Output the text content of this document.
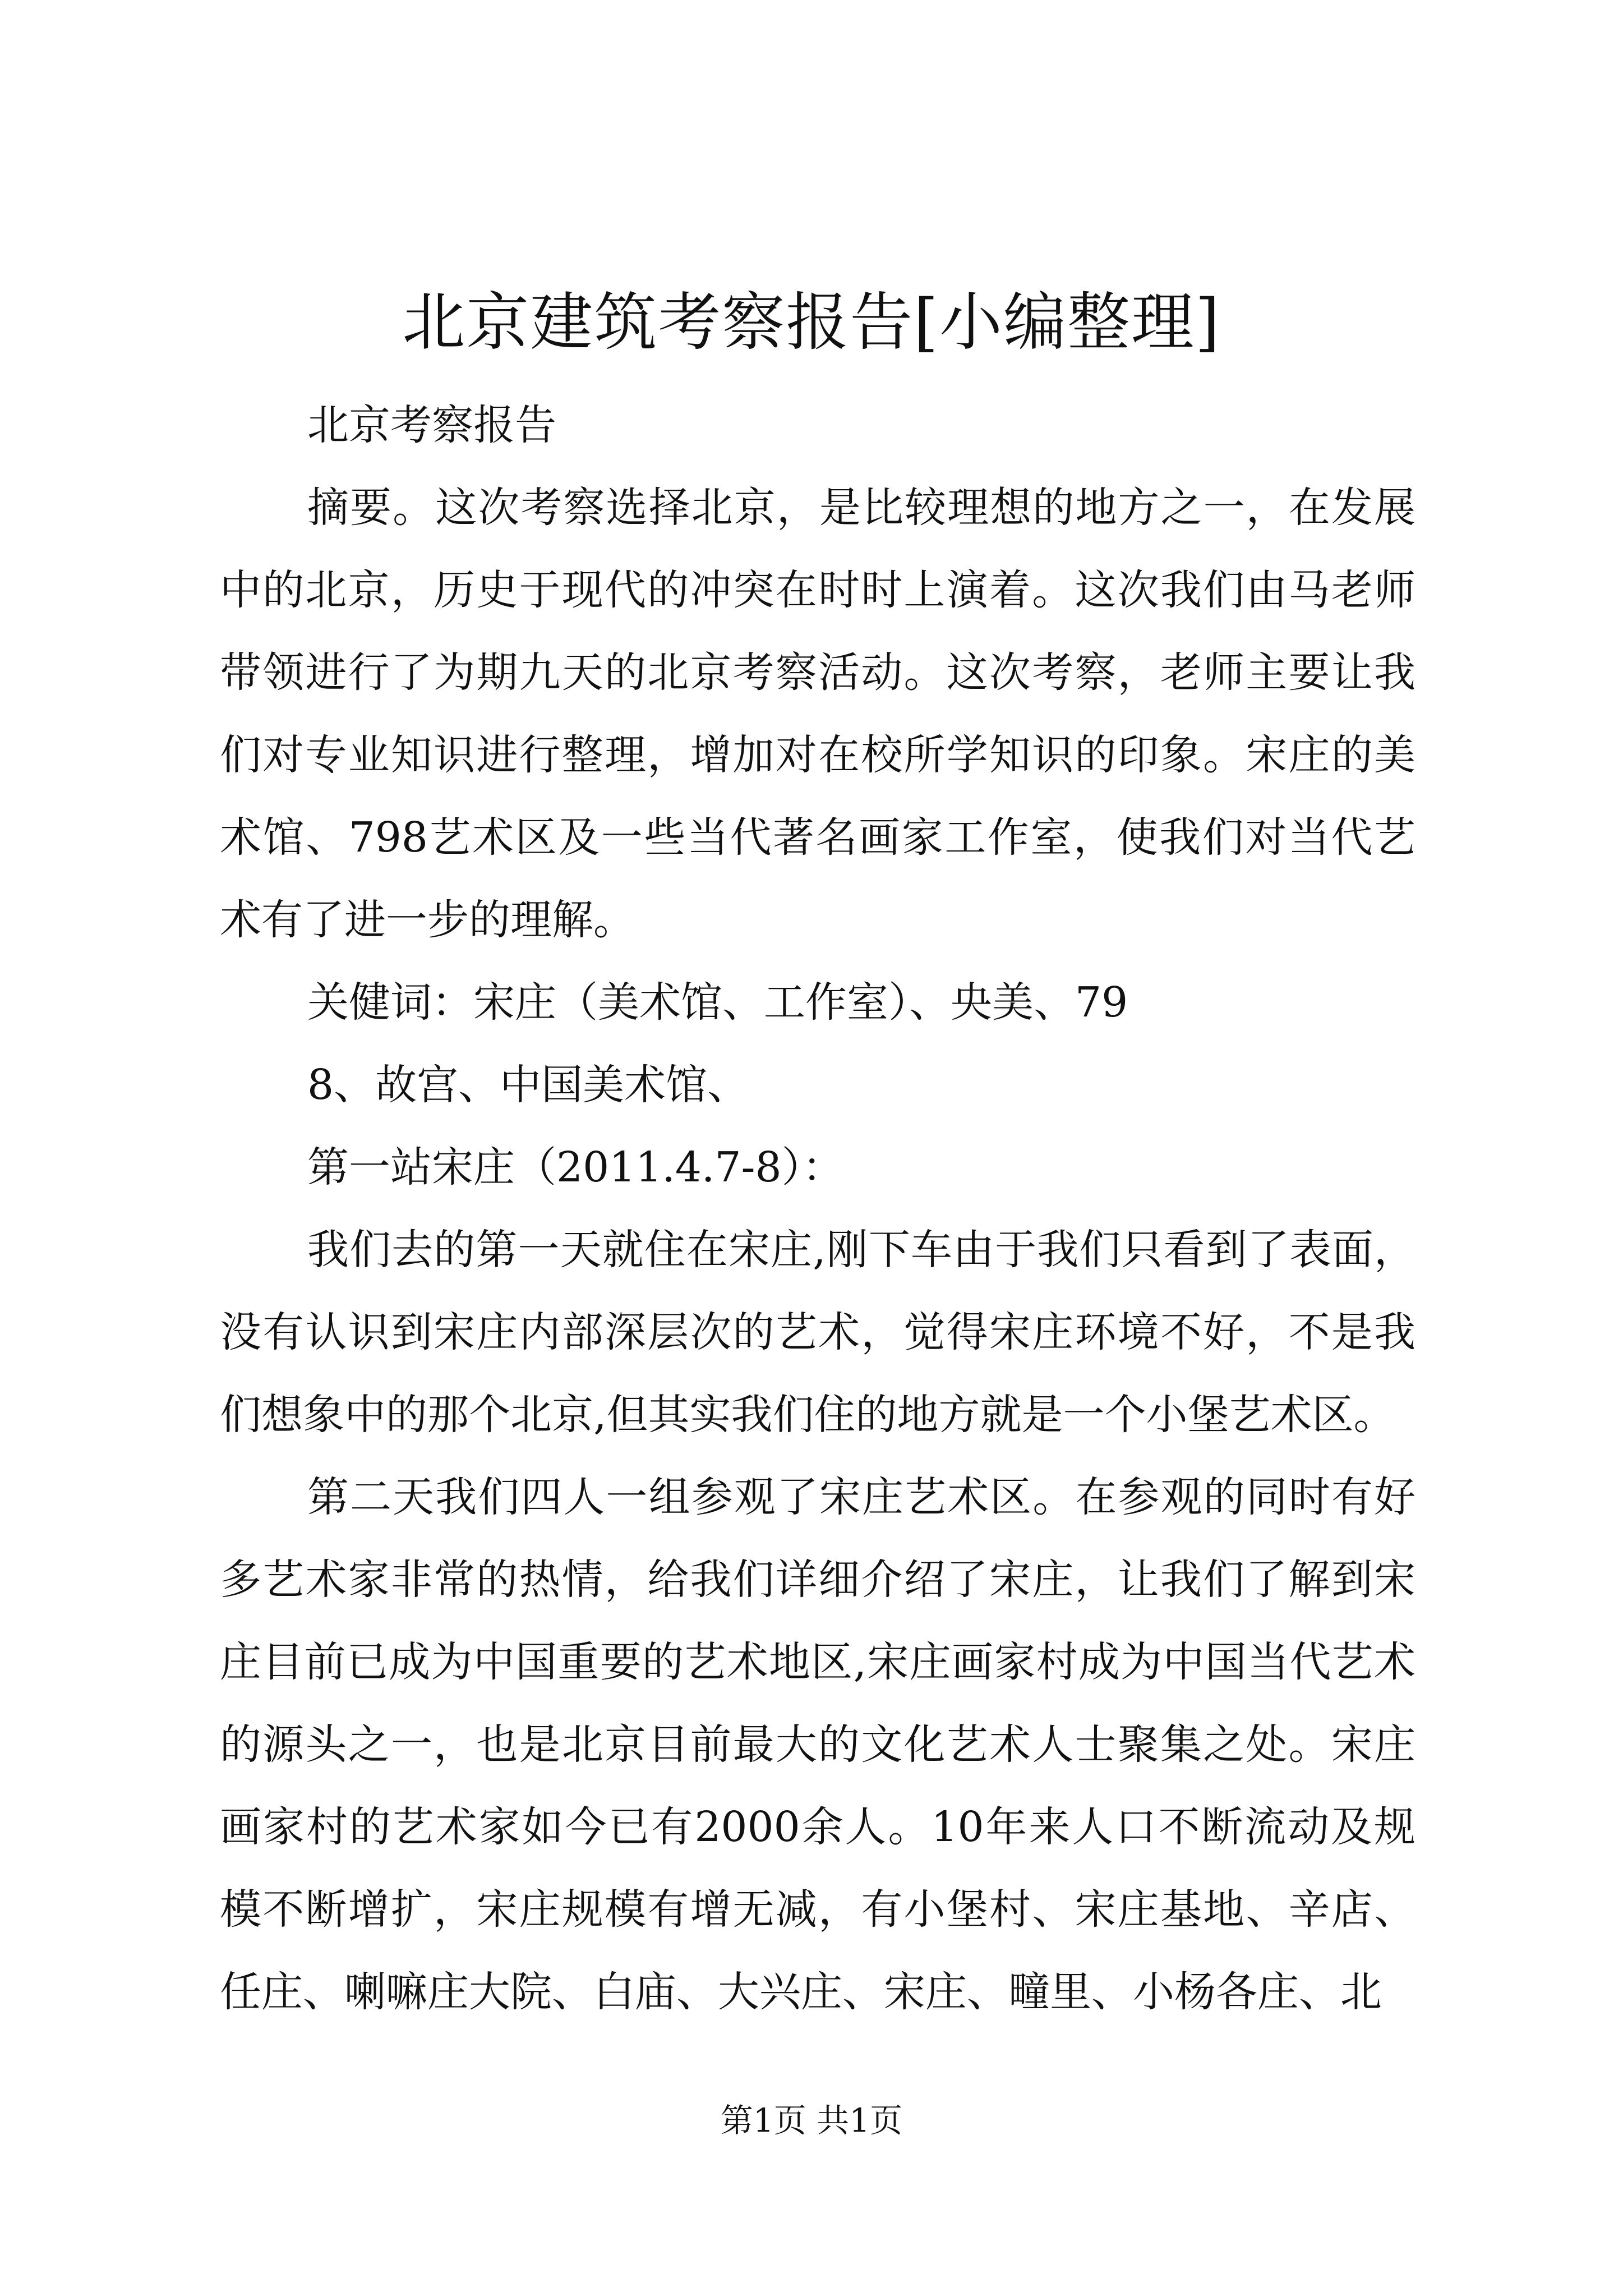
北京建筑考察报告[小编整理]

北京考察报告

摘要。这次考察选择北京，是比较理想的地方之一，在发展中的北京，历史于现代的冲突在时时上演着。这次我们由马老师带领进行了为期九天的北京考察活动。这次考察，老师主要让我们对专业知识进行整理，增加对在校所学知识的印象。宋庄的美术馆、798艺术区及一些当代著名画家工作室，使我们对当代艺术有了进一步的理解。

关健词：宋庄（美术馆、工作室）、央美、79

8、故宫、中国美术馆、

第一站宋庄（2011.4.7-8）：

我们去的第一天就住在宋庄,刚下车由于我们只看到了表面，没有认识到宋庄内部深层次的艺术，觉得宋庄环境不好，不是我们想象中的那个北京,但其实我们住的地方就是一个小堡艺术区。

第二天我们四人一组参观了宋庄艺术区。在参观的同时有好多艺术家非常的热情，给我们详细介绍了宋庄，让我们了解到宋庄目前已成为中国重要的艺术地区,宋庄画家村成为中国当代艺术的源头之一，也是北京目前最大的文化艺术人士聚集之处。宋庄画家村的艺术家如今已有2000余人。10年来人口不断流动及规模不断增扩，宋庄规模有增无减，有小堡村、宋庄基地、辛店、任庄、喇嘛庄大院、白庙、大兴庄、宋庄、疃里、小杨各庄、北

第1页 共1页
